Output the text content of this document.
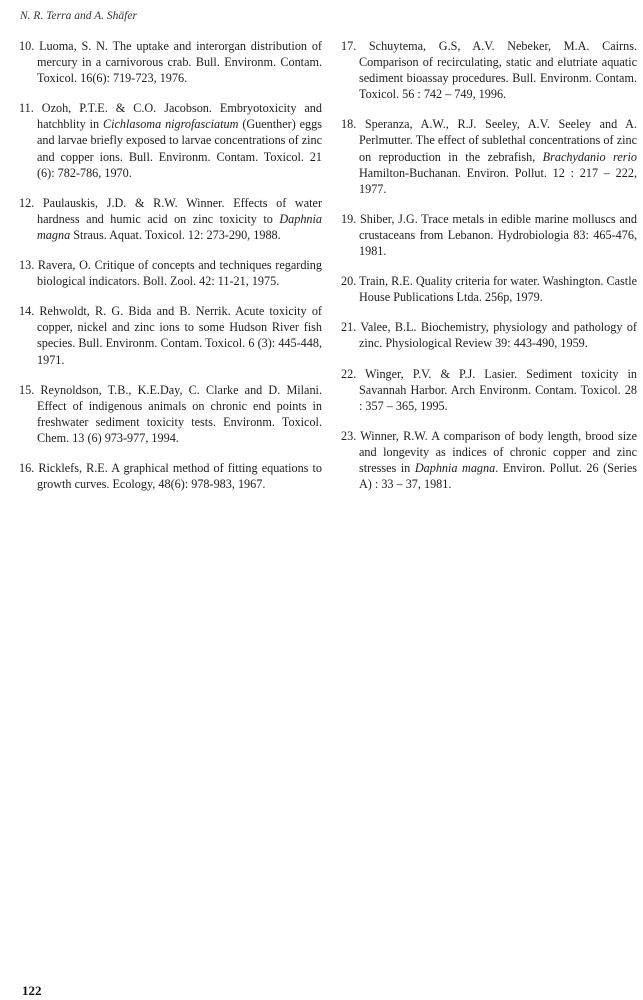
N. R. Terra and A. Shäfer

10. Luoma, S. N. The uptake and interorgan distribution of mercury in a carnivorous crab. Bull. Environm. Contam. Toxicol. 16(6): 719-723, 1976.

11. Ozoh, P.T.E. & C.O. Jacobson. Embryotoxicity and hatchblity in Cichlasoma nigrofasciatum (Guenther) eggs and larvae briefly exposed to larvae concentrations of zinc and copper ions. Bull. Environm. Contam. Toxicol. 21 (6): 782-786, 1970.

12. Paulauskis, J.D. & R.W. Winner. Effects of water hardness and humic acid on zinc toxicity to Daphnia magna Straus. Aquat. Toxicol. 12: 273-290, 1988.

13. Ravera, O. Critique of concepts and techniques regarding biological indicators. Boll. Zool. 42: 11-21, 1975.

14. Rehwoldt, R. G. Bida and B. Nerrik. Acute toxicity of copper, nickel and zinc ions to some Hudson River fish species. Bull. Environm. Contam. Toxicol. 6 (3): 445-448, 1971.

15. Reynoldson, T.B., K.E.Day, C. Clarke and D. Milani. Effect of indigenous animals on chronic end points in freshwater sediment toxicity tests. Environm. Toxicol. Chem. 13 (6) 973-977, 1994.

16. Ricklefs, R.E. A graphical method of fitting equations to growth curves. Ecology, 48(6): 978-983, 1967.

17. Schuytema, G.S, A.V. Nebeker, M.A. Cairns. Comparison of recirculating, static and elutriate aquatic sediment bioassay procedures. Bull. Environm. Contam. Toxicol. 56 : 742 – 749, 1996.

18. Speranza, A.W., R.J. Seeley, A.V. Seeley and A. Perlmutter. The effect of sublethal concentrations of zinc on reproduction in the zebrafish, Brachydanio rerio Hamilton-Buchanan. Environ. Pollut. 12 : 217 – 222, 1977.

19. Shiber, J.G. Trace metals in edible marine molluscs and crustaceans from Lebanon. Hydrobiologia 83: 465-476, 1981.

20. Train, R.E. Quality criteria for water. Washington. Castle House Publications Ltda. 256p, 1979.

21. Valee, B.L. Biochemistry, physiology and pathology of zinc. Physiological Review 39: 443-490, 1959.

22. Winger, P.V. & P.J. Lasier. Sediment toxicity in Savannah Harbor. Arch Environm. Contam. Toxicol. 28 : 357 – 365, 1995.

23. Winner, R.W. A comparison of body length, brood size and longevity as indices of chronic copper and zinc stresses in Daphnia magna. Environ. Pollut. 26 (Series A) : 33 – 37, 1981.

122
